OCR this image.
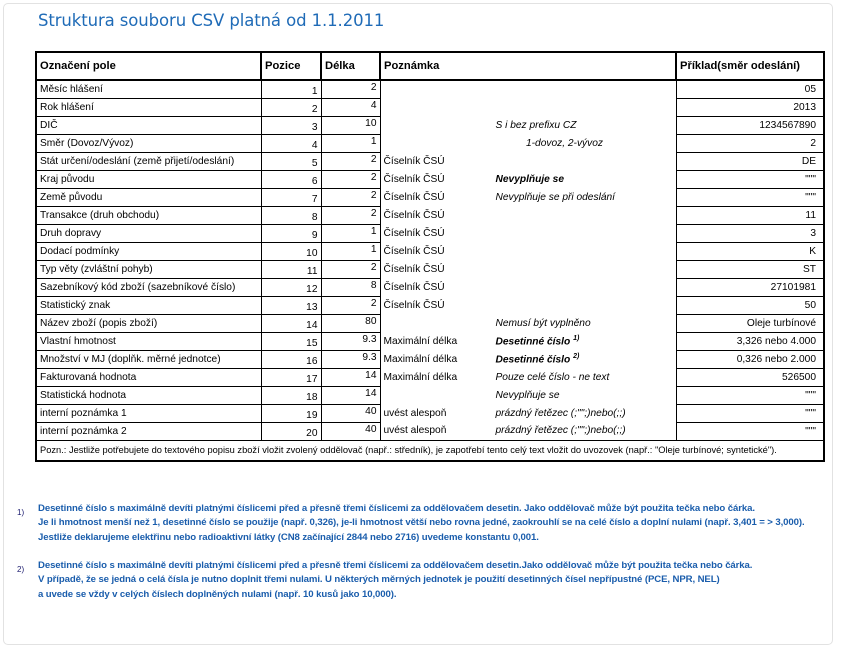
Struktura souboru CSV platná od 1.1.2011
Označení pole	Pozice	Délka	Poznámka	Příklad(směr odeslání)
Měsíc hlášení	1	2		05
Rok hlášení	2	4		2013
DIČ	3	10	S i bez prefixu CZ	1234567890
Směr (Dovoz/Vývoz)	4	1	1-dovoz, 2-vývoz	2
Stát určení/odeslání (země přijetí/odeslání)	5	2	Číselník ČSÚ	DE
Kraj původu	6	2	Číselník ČSÚ Nevyplňuje se	"""
Země původu	7	2	Číselník ČSÚ Nevyplňuje se při odeslání	"""
Transakce (druh obchodu)	8	2	Číselník ČSÚ	11
Druh dopravy	9	1	Číselník ČSÚ	3
Dodací podmínky	10	1	Číselník ČSÚ	K
Typ věty (zvláštní pohyb)	11	2	Číselník ČSÚ	ST
Sazebníkový kód zboží (sazebníkové číslo)	12	8	Číselník ČSÚ	27101981
Statistický znak	13	2	Číselník ČSÚ	50
Název zboží (popis zboží)	14	80	Nemusí být vyplněno	Oleje turbínové
Vlastní hmotnost	15	9.3	Maximální délka Desetinné číslo $^{1)}$	3,326 nebo 4.000
Množství v MJ (doplňk. měrné jednotce)	16	9.3	Maximální délka Desetinné číslo $^{2)}$	0,326 nebo 2.000
Fakturovaná hodnota	17	14	Maximální délka Pouze celé číslo - ne text	526500
Statistická hodnota	18	14	Nevyplňuje se	"""
interní poznámka 1	19	40	uvést alespoň prázdný řetězec (;"";)nebo(;;)	"""
interní poznámka 2	20	40	uvést alespoň prázdný řetězec (;"";)nebo(;;)	"""
Pozn.: Jestliže potřebujete do textového popisu zboží vložit zvolený oddělovač (např.: středník), je zapotřebí tento celý text vložit do uvozovek (např.: "Oleje turbínové; syntetické").				
1) Desetinné číslo s maximálně devíti platnými číslicemi před a přesně třemi číslicemi za oddělovačem desetin. Jako oddělovač může být použita tečka nebo čárka.
Je li hmotnost menší než 1, desetinné číslo se použije (např. 0,326), je-li hmotnost větší nebo rovna jedné, zaokrouhlí se na celé číslo a doplní nulami (např. 3,401 = > 3,000).
Jestliže deklarujeme elektřinu nebo radioaktivní látky (CN8 začínající 2844 nebo 2716) uvedeme konstantu 0,001.
2) Desetinné číslo s maximálně devíti platnými číslicemi před a přesně třemi číslicemi za oddělovačem desetin.Jako oddělovač může být použita tečka nebo čárka.
V případě, že se jedná o celá čísla je nutno doplnit třemi nulami. U některých měrných jednotek je použití desetinných čísel nepřípustné (PCE, NPR, NEL)
a uvede se vždy v celých číslech doplněných nulami (např. 10 kusů jako 10,000).
